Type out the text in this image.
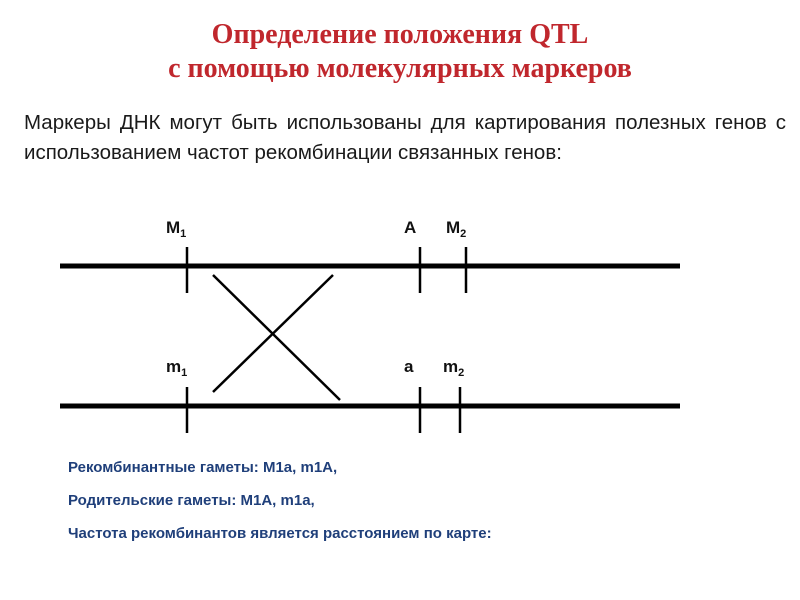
Определение положения QTL
с помощью молекулярных маркеров
Маркеры ДНК могут быть использованы для картирования полезных генов с использованием частот рекомбинации связанных генов:
$M_1$	A $M_2$
$m_1$	a $m_2$
Рекомбинантные гаметы: M1a, m1A,
Родительские гаметы: M1A, m1a,
Частота рекомбинантов является расстоянием по карте:
